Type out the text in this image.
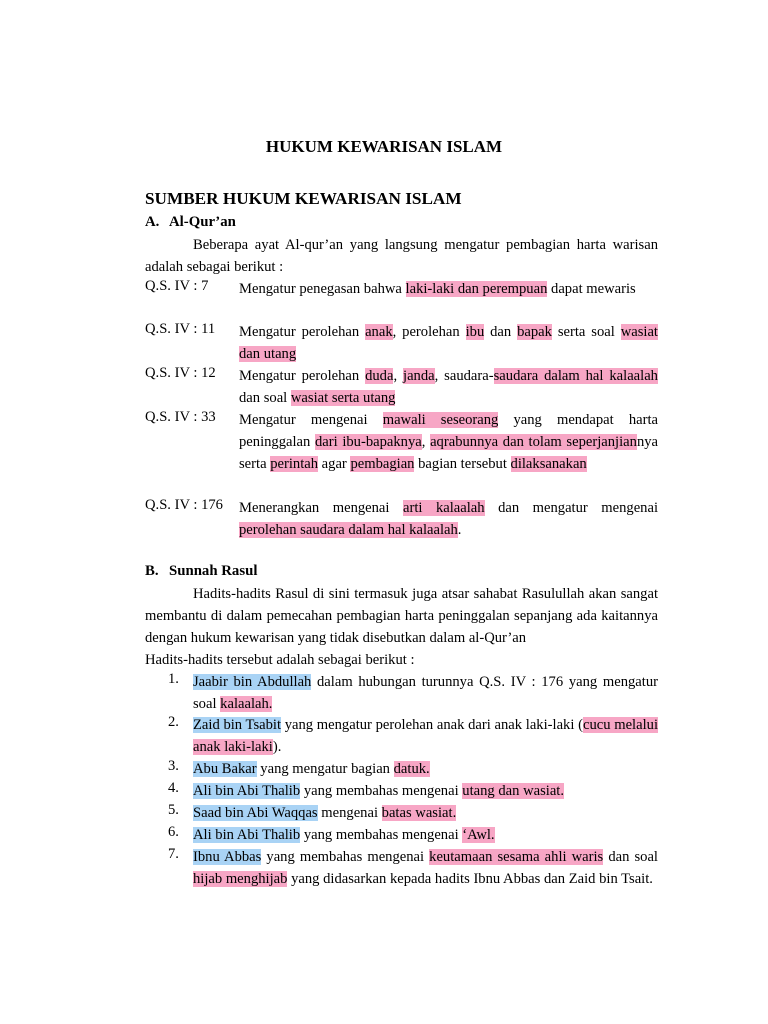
HUKUM KEWARISAN ISLAM
SUMBER HUKUM KEWARISAN ISLAM
A. Al-Qur’an
Beberapa ayat Al-qur’an yang langsung mengatur pembagian harta warisan adalah sebagai berikut :
Q.S. IV : 7 Mengatur penegasan bahwa laki-laki dan perempuan dapat mewaris
Q.S. IV : 11 Mengatur perolehan anak, perolehan ibu dan bapak serta soal wasiat dan utang
Q.S. IV : 12 Mengatur perolehan duda, janda, saudara-saudara dalam hal kalaalah dan soal wasiat serta utang
Q.S. IV : 33 Mengatur mengenai mawali seseorang yang mendapat harta peninggalan dari ibu-bapaknya, aqrabunnya dan tolam seperjanjiannya serta perintah agar pembagian bagian tersebut dilaksanakan
Q.S. IV : 176 Menerangkan mengenai arti kalaalah dan mengatur mengenai perolehan saudara dalam hal kalaalah.
B. Sunnah Rasul
Hadits-hadits Rasul di sini termasuk juga atsar sahabat Rasulullah akan sangat membantu di dalam pemecahan pembagian harta peninggalan sepanjang ada kaitannya dengan hukum kewarisan yang tidak disebutkan dalam al-Qur’an
Hadits-hadits tersebut adalah sebagai berikut :
1. Jaabir bin Abdullah dalam hubungan turunnya Q.S. IV : 176 yang mengatur soal kalaalah.
2. Zaid bin Tsabit yang mengatur perolehan anak dari anak laki-laki (cucu melalui anak laki-laki).
3. Abu Bakar yang mengatur bagian datuk.
4. Ali bin Abi Thalib yang membahas mengenai utang dan wasiat.
5. Saad bin Abi Waqqas mengenai batas wasiat.
6. Ali bin Abi Thalib yang membahas mengenai ‘Awl.
7. Ibnu Abbas yang membahas mengenai keutamaan sesama ahli waris dan soal hijab menghijab yang didasarkan kepada hadits Ibnu Abbas dan Zaid bin Tsait.
